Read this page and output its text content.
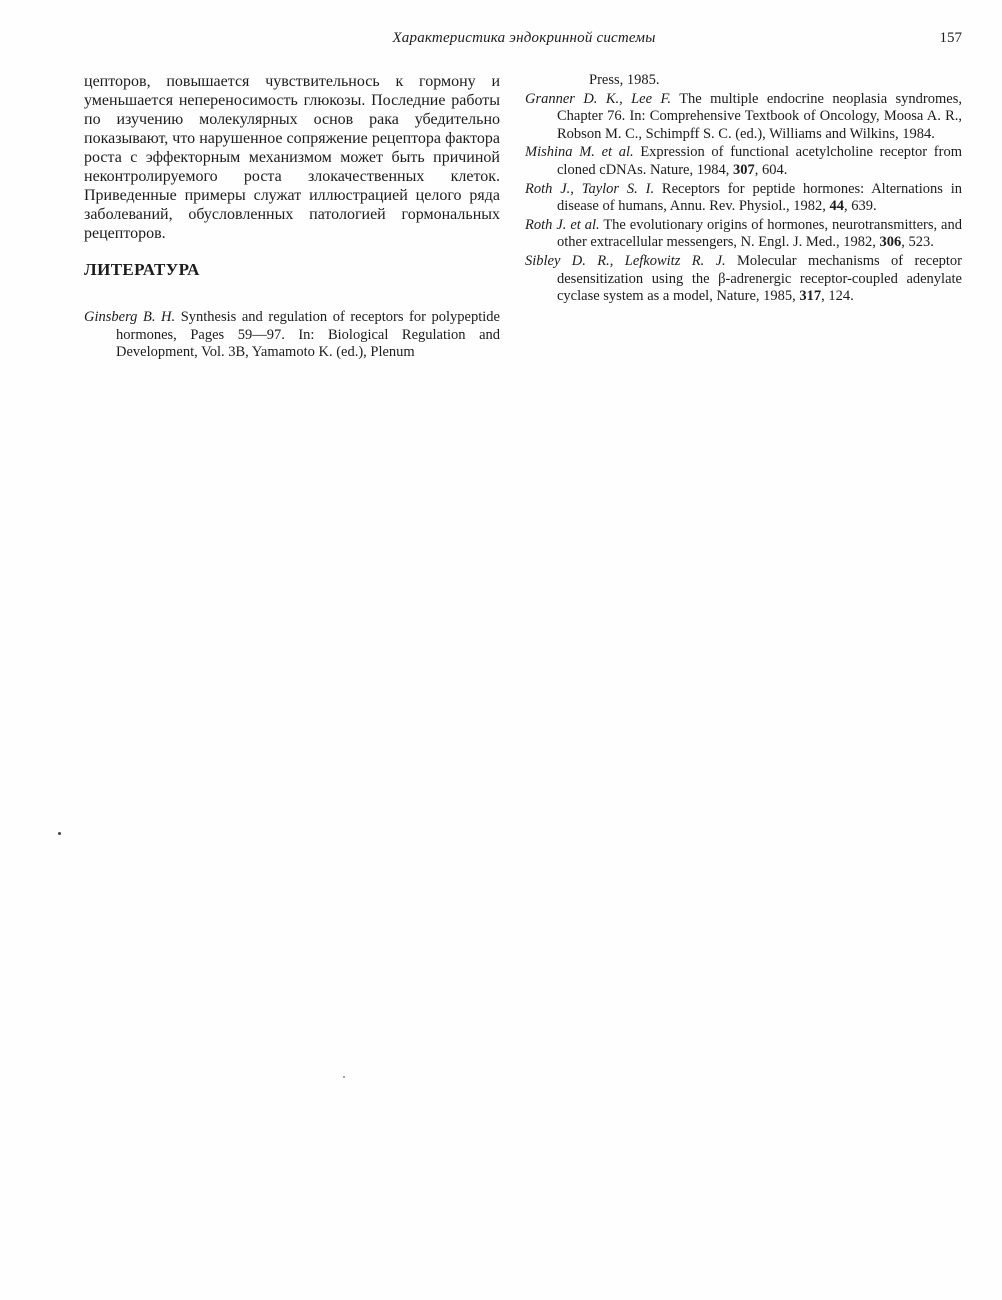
Характеристика эндокринной системы	157

цепторов, повышается чувствительнось к гормону и уменьшается непереносимость глюкозы. Последние работы по изучению молекулярных основ рака убедительно показывают, что нарушенное сопряжение рецептора фактора роста с эффекторным механизмом может быть причиной неконтролируемого роста злокачественных клеток. Приведенные примеры служат иллюстрацией целого ряда заболеваний, обусловленных патологией гормональных рецепторов.

ЛИТЕРАТУРА

Ginsberg B. H. Synthesis and regulation of receptors for polypeptide hormones, Pages 59—97. In: Biological Regulation and Development, Vol. 3B, Yamamoto K. (ed.), Plenum

Press, 1985.

Granner D. K., Lee F. The multiple endocrine neoplasia syndromes, Chapter 76. In: Comprehensive Textbook of Oncology, Moosa A. R., Robson M. C., Schimpff S. C. (ed.), Williams and Wilkins, 1984.

Mishina M. et al. Expression of functional acetylcholine receptor from cloned cDNAs. Nature, 1984, 307, 604.

Roth J., Taylor S. I. Receptors for peptide hormones: Alternations in disease of humans, Annu. Rev. Physiol., 1982, 44, 639.

Roth J. et al. The evolutionary origins of hormones, neurotransmitters, and other extracellular messengers, N. Engl. J. Med., 1982, 306, 523.

Sibley D. R., Lefkowitz R. J. Molecular mechanisms of receptor desensitization using the β-adrenergic receptor-coupled adenylate cyclase system as a model, Nature, 1985, 317, 124.
